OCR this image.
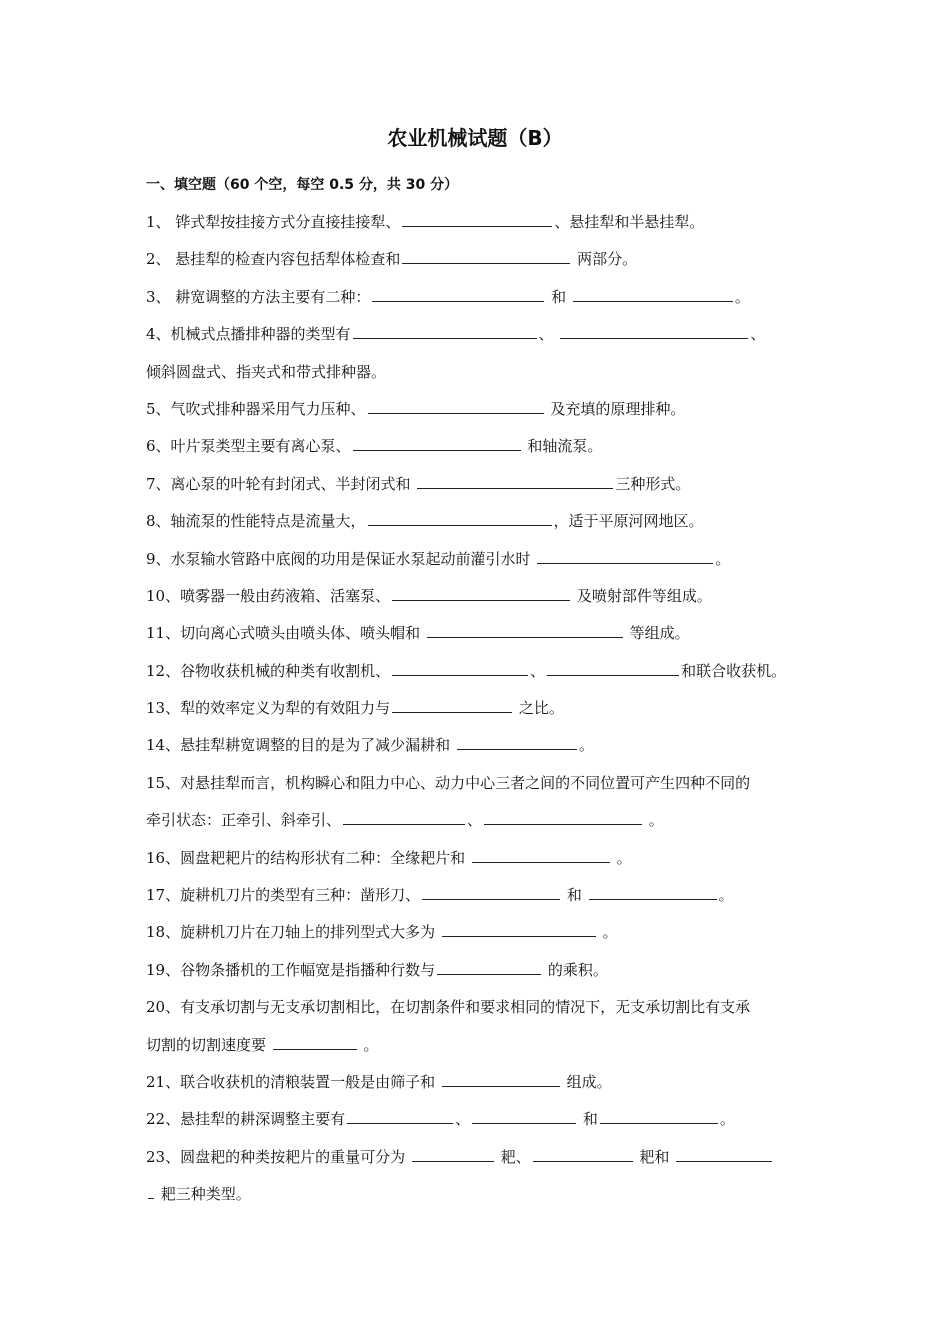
农业机械试题（B）
一、填空题（60 个空，每空 0.5 分，共 30 分）
1、 铧式犁按挂接方式分直接挂接犁、	、悬挂犁和半悬挂犁。
2、 悬挂犁的检查内容包括犁体检查和	两部分。
3、 耕宽调整的方法主要有二种：	和	。
4、机械式点播排种器的类型有	、	、
倾斜圆盘式、指夹式和带式排种器。
5、气吹式排种器采用气力压种、	及充填的原理排种。
6、叶片泵类型主要有离心泵、	和轴流泵。
7、离心泵的叶轮有封闭式、半封闭式和	三种形式。
8、轴流泵的性能特点是流量大，	，适于平原河网地区。
9、水泵输水管路中底阀的功用是保证水泵起动前灌引水时	。
10、喷雾器一般由药液箱、活塞泵、	及喷射部件等组成。
11、切向离心式喷头由喷头体、喷头帽和	等组成。
12、谷物收获机械的种类有收割机、	、	和联合收获机。
13、犁的效率定义为犁的有效阻力与	之比。
14、悬挂犁耕宽调整的目的是为了减少漏耕和	。
15、对悬挂犁而言，机构瞬心和阻力中心、动力中心三者之间的不同位置可产生四种不同的
牵引状态：正牵引、斜牵引、	、	。
16、圆盘耙耙片的结构形状有二种：全缘耙片和	。
17、旋耕机刀片的类型有三种：凿形刀、	和	。
18、旋耕机刀片在刀轴上的排列型式大多为	。
19、谷物条播机的工作幅宽是指播种行数与	的乘积。
20、有支承切割与无支承切割相比，在切割条件和要求相同的情况下，无支承切割比有支承
切割的切割速度要	。
21、联合收获机的清粮装置一般是由筛子和	组成。
22、悬挂犁的耕深调整主要有	、	和	。
23、圆盘耙的种类按耙片的重量可分为	耙、	耙和
耙三种类型。
